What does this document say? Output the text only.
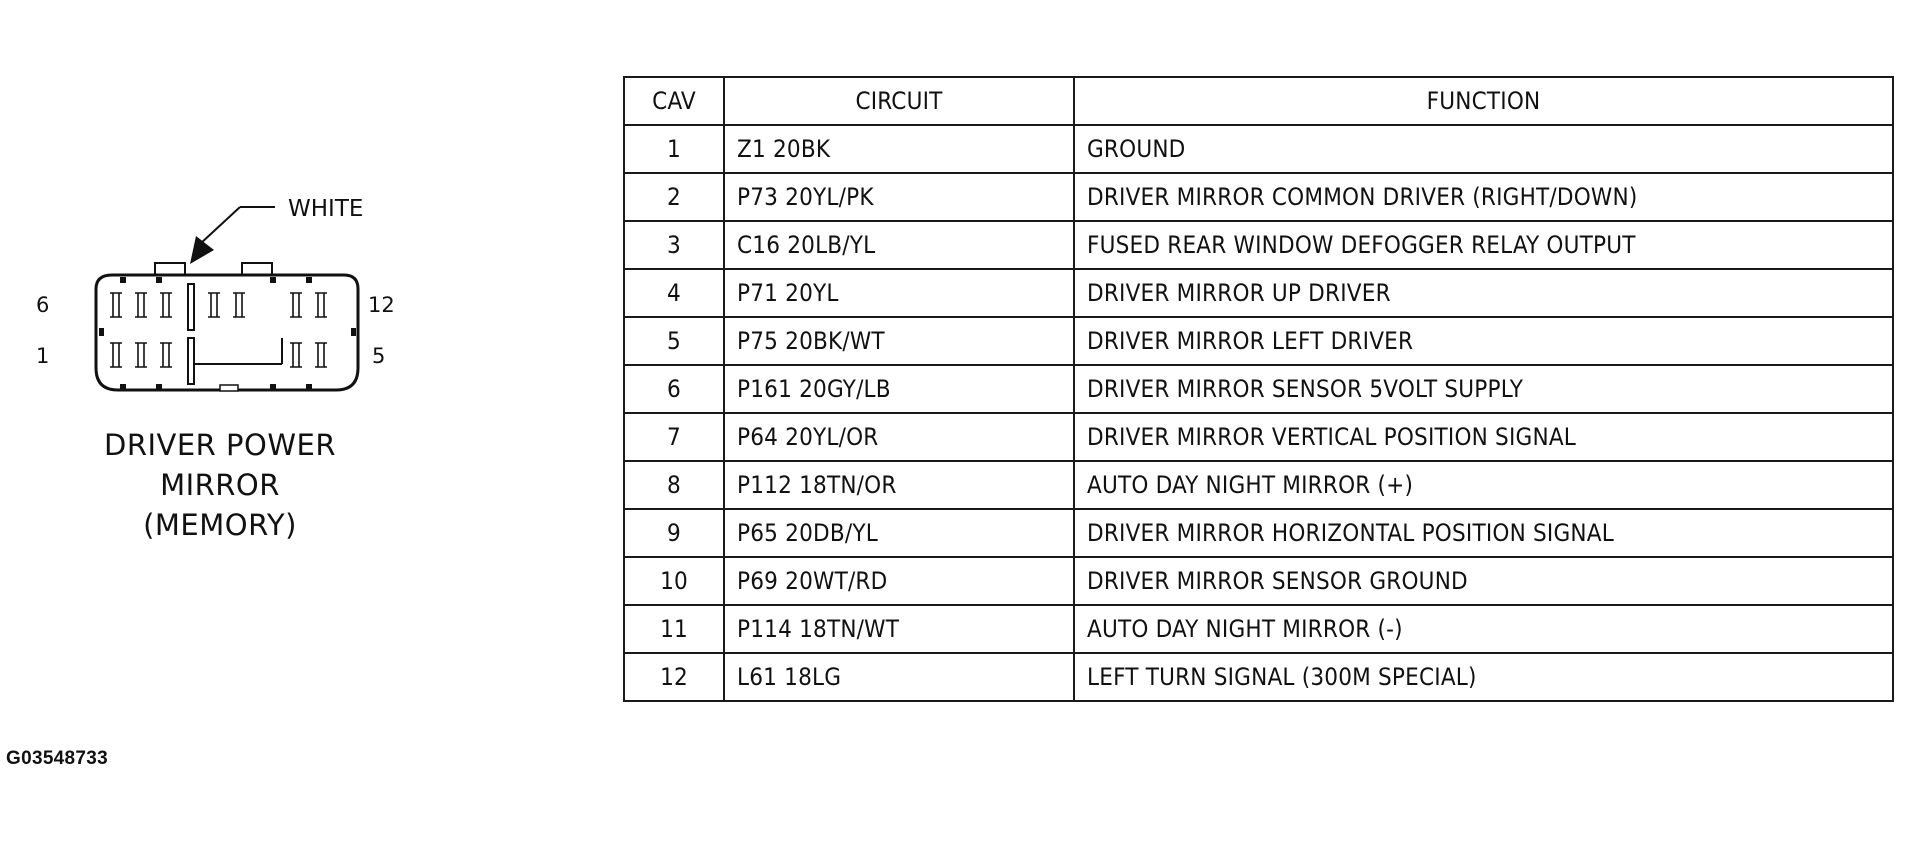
WHITE
6
1
12
5
DRIVER POWER
MIRROR
(MEMORY)
G03548733
CAV	CIRCUIT	FUNCTION
1	Z1 20BK	GROUND
2	P73 20YL/PK	DRIVER MIRROR COMMON DRIVER (RIGHT/DOWN)
3	C16 20LB/YL	FUSED REAR WINDOW DEFOGGER RELAY OUTPUT
4	P71 20YL	DRIVER MIRROR UP DRIVER
5	P75 20BK/WT	DRIVER MIRROR LEFT DRIVER
6	P161 20GY/LB	DRIVER MIRROR SENSOR 5VOLT SUPPLY
7	P64 20YL/OR	DRIVER MIRROR VERTICAL POSITION SIGNAL
8	P112 18TN/OR	AUTO DAY NIGHT MIRROR (+)
9	P65 20DB/YL	DRIVER MIRROR HORIZONTAL POSITION SIGNAL
10	P69 20WT/RD	DRIVER MIRROR SENSOR GROUND
11	P114 18TN/WT	AUTO DAY NIGHT MIRROR (-)
12	L61 18LG	LEFT TURN SIGNAL (300M SPECIAL)
